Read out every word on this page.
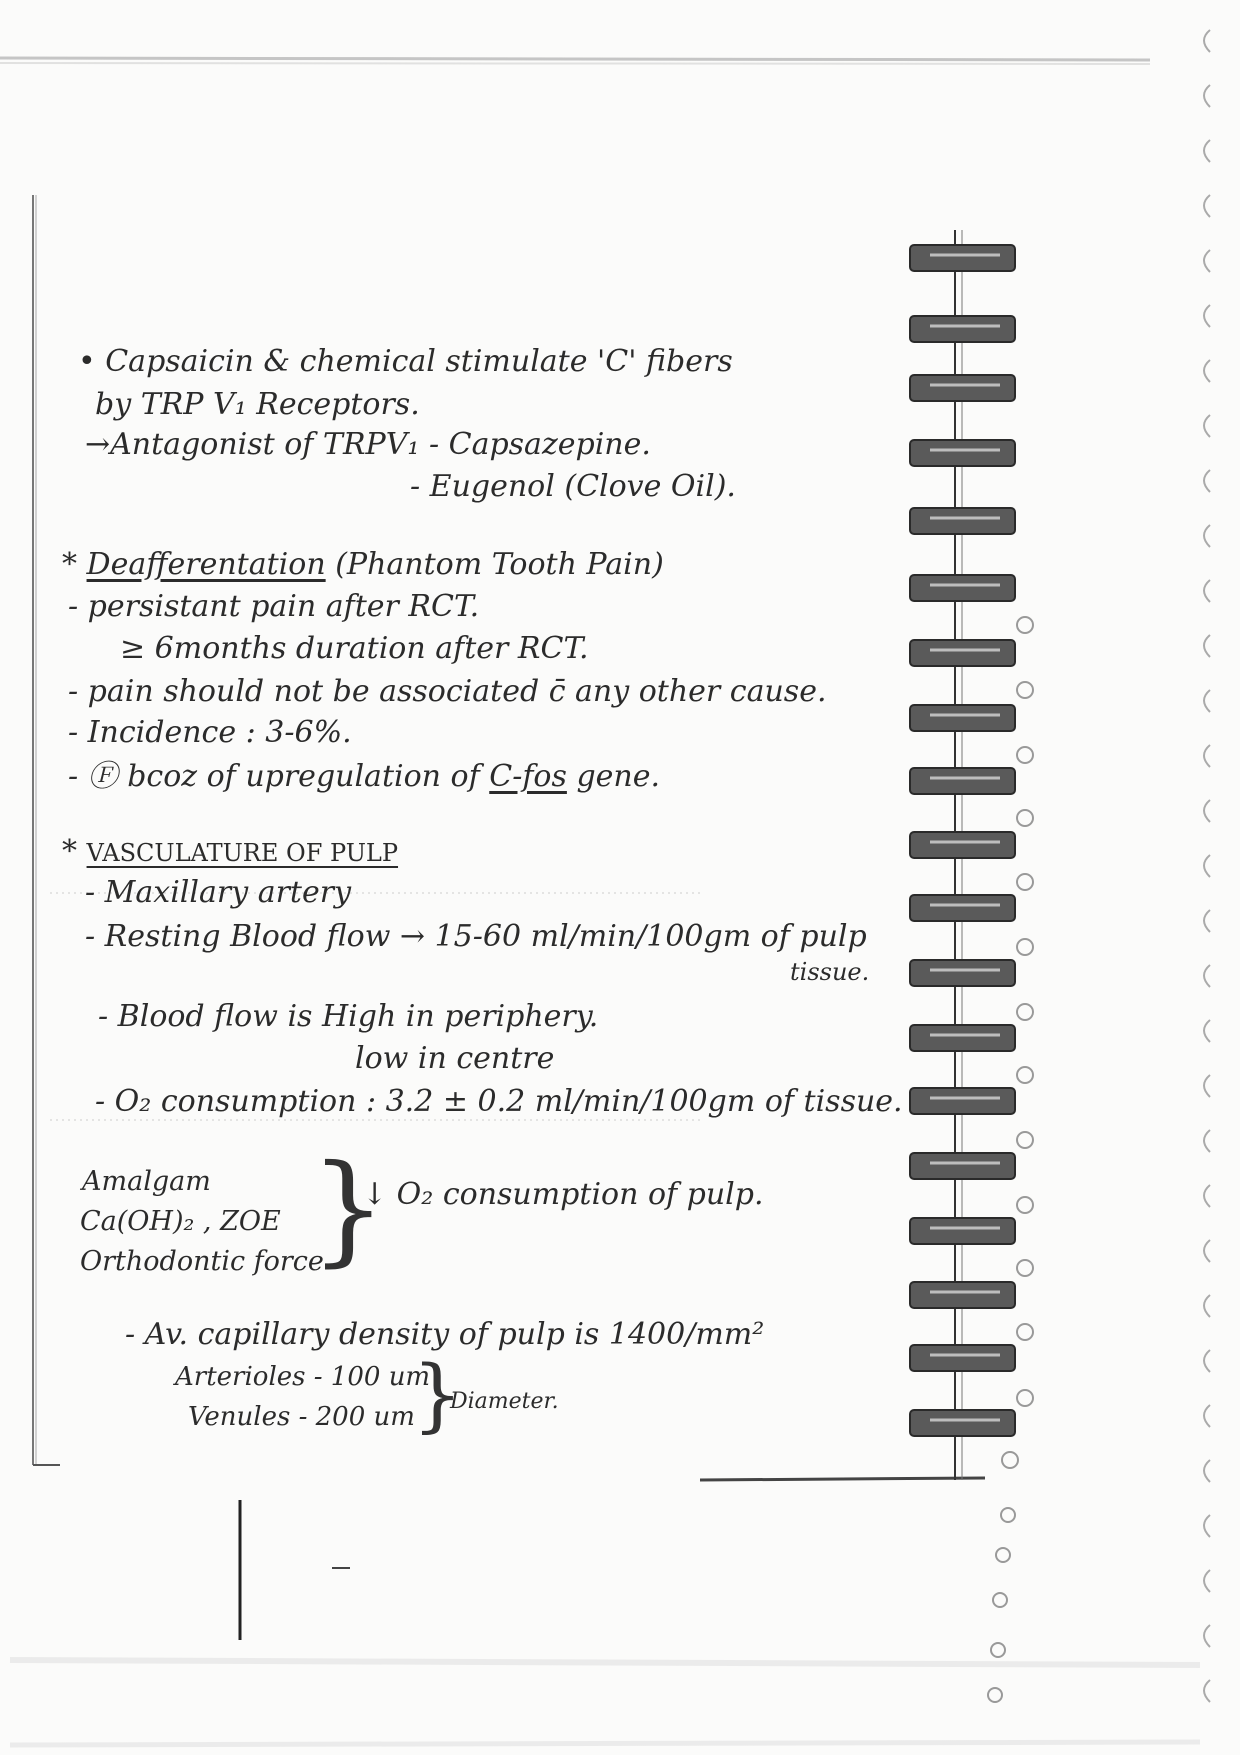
• Capsaicin & chemical stimulate 'C' fibers
by TRP V₁ Receptors.
→Antagonist of TRPV₁ - Capsazepine.
- Eugenol (Clove Oil).
* Deafferentation (Phantom Tooth Pain)
- persistant pain after RCT.
≥ 6months duration after RCT.
- pain should not be associated c̄ any other cause.
- Incidence : 3-6%.
- Ⓕ bcoz of upregulation of C-fos gene.
* VASCULATURE OF PULP
- Maxillary artery
- Resting Blood flow → 15-60 ml/min/100gm of pulp
tissue.
- Blood flow is High in periphery.
low in centre
- O₂ consumption : 3.2 ± 0.2 ml/min/100gm of tissue.
Amalgam
Ca(OH)₂ , ZOE
Orthodontic force
}
↓ O₂ consumption of pulp.
- Av. capillary density of pulp is 1400/mm²
Arterioles - 100 um
Venules - 200 um
}
Diameter.
